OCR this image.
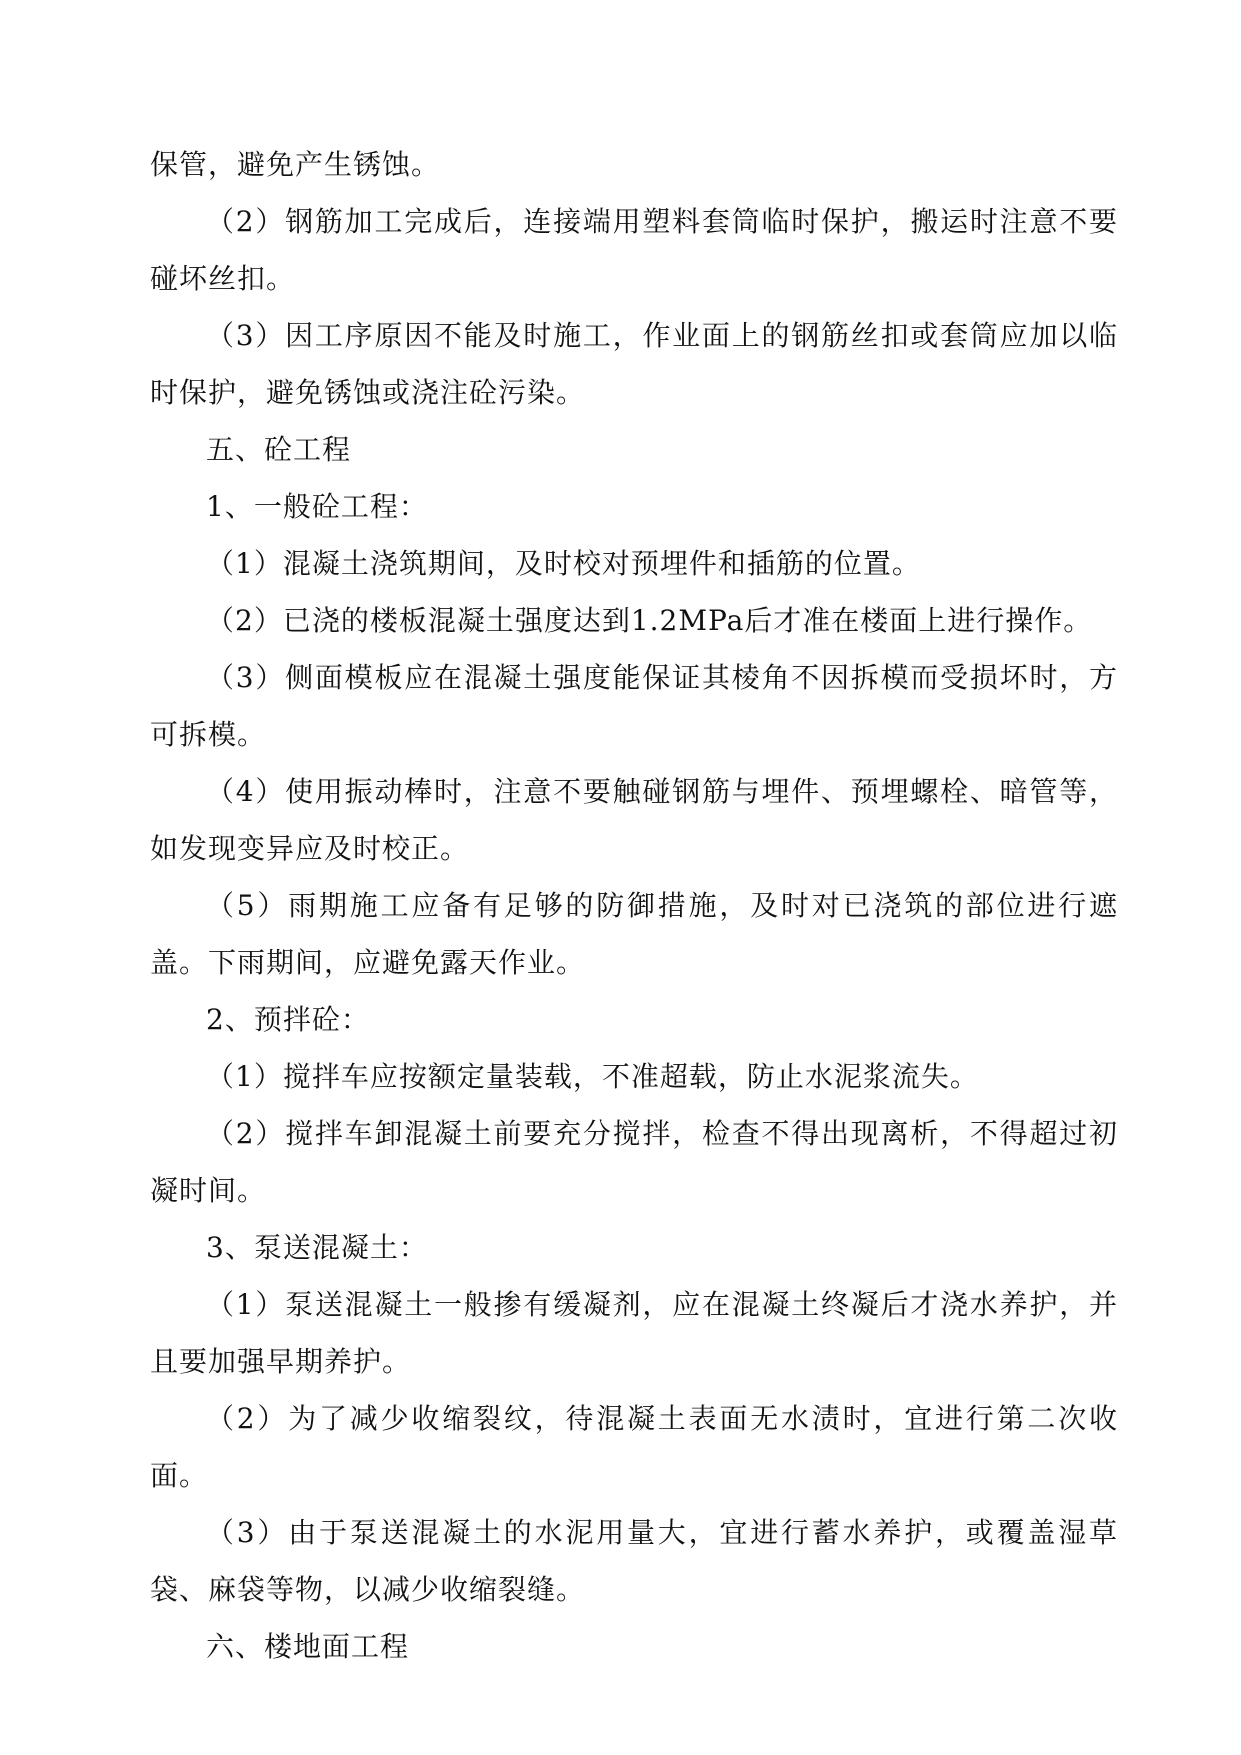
保管，避免产生锈蚀。

（2）钢筋加工完成后，连接端用塑料套筒临时保护，搬运时注意不要碰坏丝扣。

（3）因工序原因不能及时施工，作业面上的钢筋丝扣或套筒应加以临时保护，避免锈蚀或浇注砼污染。

五、砼工程

1、一般砼工程：

（1）混凝土浇筑期间，及时校对预埋件和插筋的位置。

（2）已浇的楼板混凝土强度达到1.2MPa后才准在楼面上进行操作。

（3）侧面模板应在混凝土强度能保证其棱角不因拆模而受损坏时，方可拆模。

（4）使用振动棒时，注意不要触碰钢筋与埋件、预埋螺栓、暗管等，如发现变异应及时校正。

（5）雨期施工应备有足够的防御措施，及时对已浇筑的部位进行遮盖。下雨期间，应避免露天作业。

2、预拌砼：

（1）搅拌车应按额定量装载，不准超载，防止水泥浆流失。

（2）搅拌车卸混凝土前要充分搅拌，检查不得出现离析，不得超过初凝时间。

3、泵送混凝土：

（1）泵送混凝土一般掺有缓凝剂，应在混凝土终凝后才浇水养护，并且要加强早期养护。

（2）为了减少收缩裂纹，待混凝土表面无水渍时，宜进行第二次收面。

（3）由于泵送混凝土的水泥用量大，宜进行蓄水养护，或覆盖湿草袋、麻袋等物，以减少收缩裂缝。

六、楼地面工程
